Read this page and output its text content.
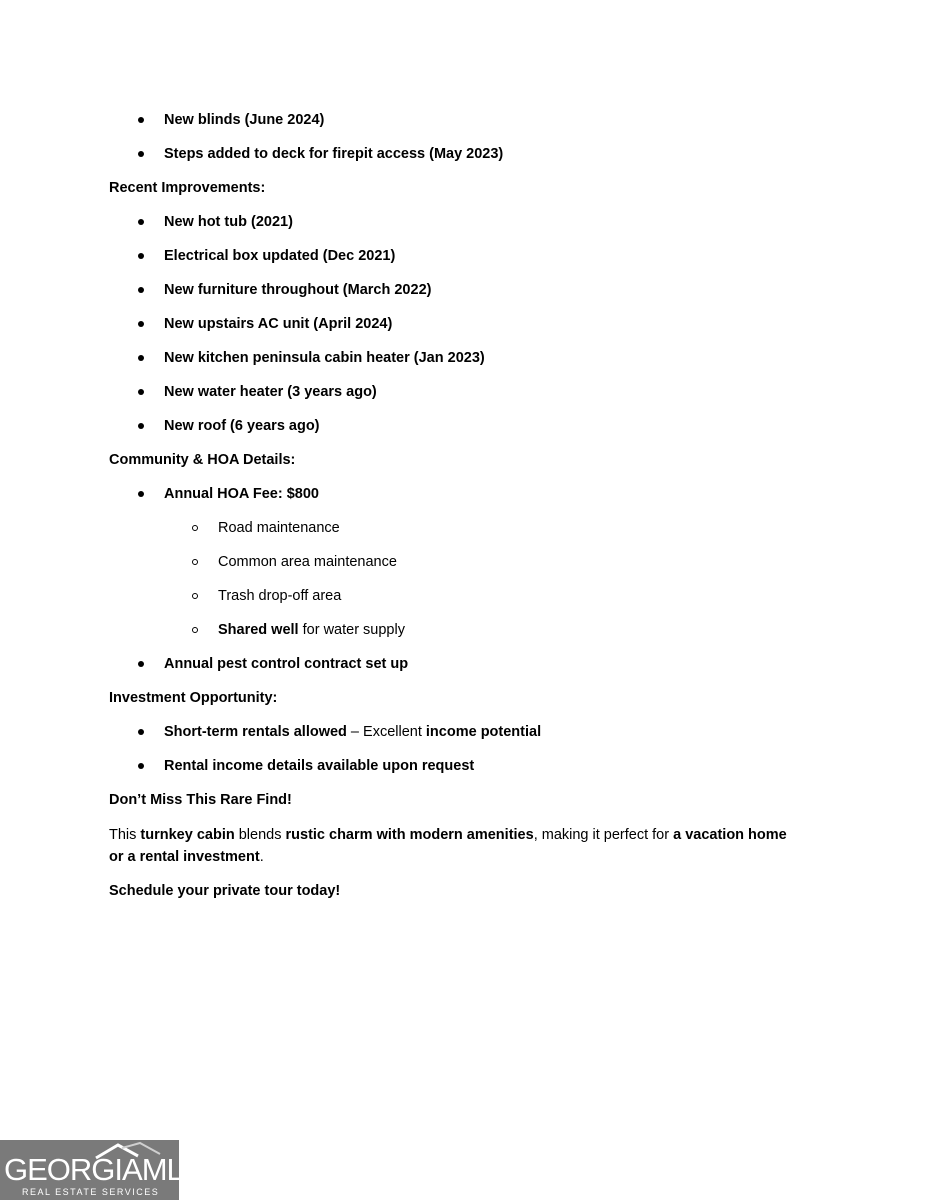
New blinds (June 2024)
Steps added to deck for firepit access (May 2023)
Recent Improvements:
New hot tub (2021)
Electrical box updated (Dec 2021)
New furniture throughout (March 2022)
New upstairs AC unit (April 2024)
New kitchen peninsula cabin heater (Jan 2023)
New water heater (3 years ago)
New roof (6 years ago)
Community & HOA Details:
Annual HOA Fee: $800
Road maintenance
Common area maintenance
Trash drop-off area
Shared well for water supply
Annual pest control contract set up
Investment Opportunity:
Short-term rentals allowed – Excellent income potential
Rental income details available upon request
Don’t Miss This Rare Find!
This turnkey cabin blends rustic charm with modern amenities, making it perfect for a vacation home
or a rental investment.
Schedule your private tour today!
GEORGIAMLS
REAL ESTATE SERVICES
